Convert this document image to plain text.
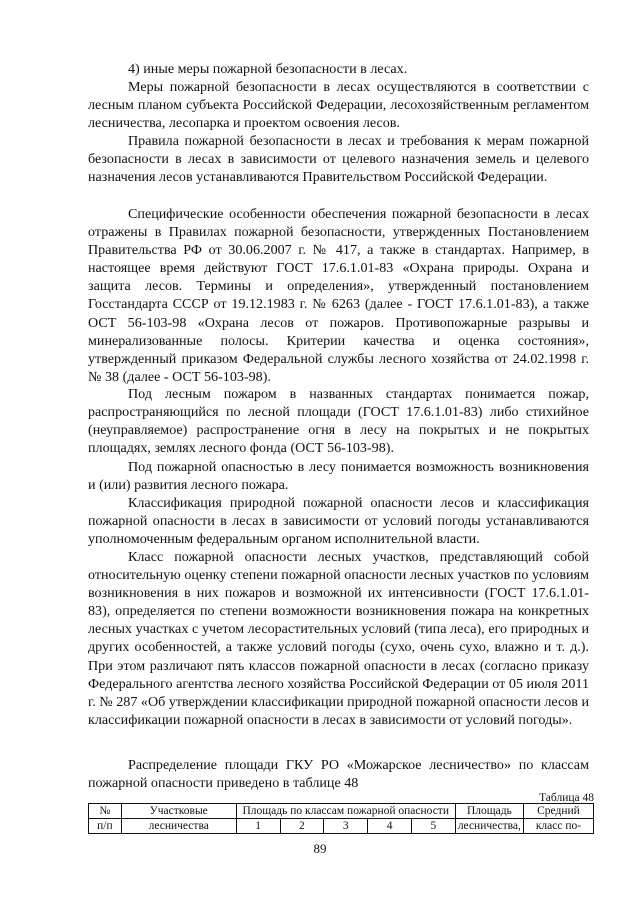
4) иные меры пожарной безопасности в лесах.

Меры пожарной безопасности в лесах осуществляются в соответствии с лесным планом субъекта Российской Федерации, лесохозяйственным регламентом лесничества, лесопарка и проектом освоения лесов.

Правила пожарной безопасности в лесах и требования к мерам пожарной безопасности в лесах в зависимости от целевого назначения земель и целевого назначения лесов устанавливаются Правительством Российской Федерации.

Специфические особенности обеспечения пожарной безопасности в лесах отражены в Правилах пожарной безопасности, утвержденных Постановлением Правительства РФ от 30.06.2007 г. № 417, а также в стандартах. Например, в настоящее время действуют ГОСТ 17.6.1.01-83 «Охрана природы. Охрана и защита лесов. Термины и определения», утвержденный постановлением Госстандарта СССР от 19.12.1983 г. № 6263 (далее - ГОСТ 17.6.1.01-83), а также ОСТ 56-103-98 «Охрана лесов от пожаров. Противопожарные разрывы и минерализованные полосы. Критерии качества и оценка состояния», утвержденный приказом Федеральной службы лесного хозяйства от 24.02.1998 г. № 38 (далее - ОСТ 56-103-98).

Под лесным пожаром в названных стандартах понимается пожар, распространяющийся по лесной площади (ГОСТ 17.6.1.01-83) либо стихийное (неуправляемое) распространение огня в лесу на покрытых и не покрытых площадях, землях лесного фонда (ОСТ 56-103-98).

Под пожарной опасностью в лесу понимается возможность возникновения и (или) развития лесного пожара.

Классификация природной пожарной опасности лесов и классификация пожарной опасности в лесах в зависимости от условий погоды устанавливаются уполномоченным федеральным органом исполнительной власти.

Класс пожарной опасности лесных участков, представляющий собой относительную оценку степени пожарной опасности лесных участков по условиям возникновения в них пожаров и возможной их интенсивности (ГОСТ 17.6.1.01-83), определяется по степени возможности возникновения пожара на конкретных лесных участках с учетом лесорастительных условий (типа леса), его природных и других особенностей, а также условий погоды (сухо, очень сухо, влажно и т. д.). При этом различают пять классов пожарной опасности в лесах (согласно приказу Федерального агентства лесного хозяйства Российской Федерации от 05 июля 2011 г. № 287 «Об утверждении классификации природной пожарной опасности лесов и классификации пожарной опасности в лесах в зависимости от условий погоды».

Распределение площади ГКУ РО «Можарское лесничество» по классам пожарной опасности приведено в таблице 48

Таблица 48
№	Участковые	Площадь по классам пожарной опасности					Площадь	Средний
п/п	лесничества	1	2	3	4	5	лесничества,	класс по-
89
